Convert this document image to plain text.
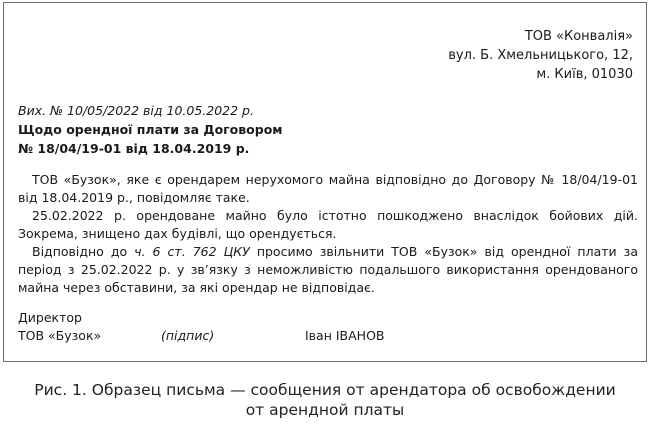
ТОВ «Конвалія»
вул. Б. Хмельницького, 12,
м. Київ, 01030
Вих. № 10/05/2022 від 10.05.2022 р.
Щодо орендної плати за Договором
№ 18/04/19-01 від 18.04.2019 р.

ТОВ «Бузок», яке є орендарем нерухомого майна відповідно до Договору № 18/04/19-01 від 18.04.2019 р., повідомляє таке.

25.02.2022 р. орендоване майно було істотно пошкоджено внаслідок бойових дій. Зокрема, знищено дах будівлі, що орендується.

Відповідно до ч. 6 ст. 762 ЦКУ просимо звільнити ТОВ «Бузок» від орендної плати за період з 25.02.2022 р. у зв’язку з неможливістю подальшого використання орендованого майна через обставини, за які орендар не відповідає.

Директор
ТОВ «Бузок»	(підпис)	Іван ІВАНОВ
Рис. 1. Образец письма — сообщения от арендатора об освобождении
от арендной платы
